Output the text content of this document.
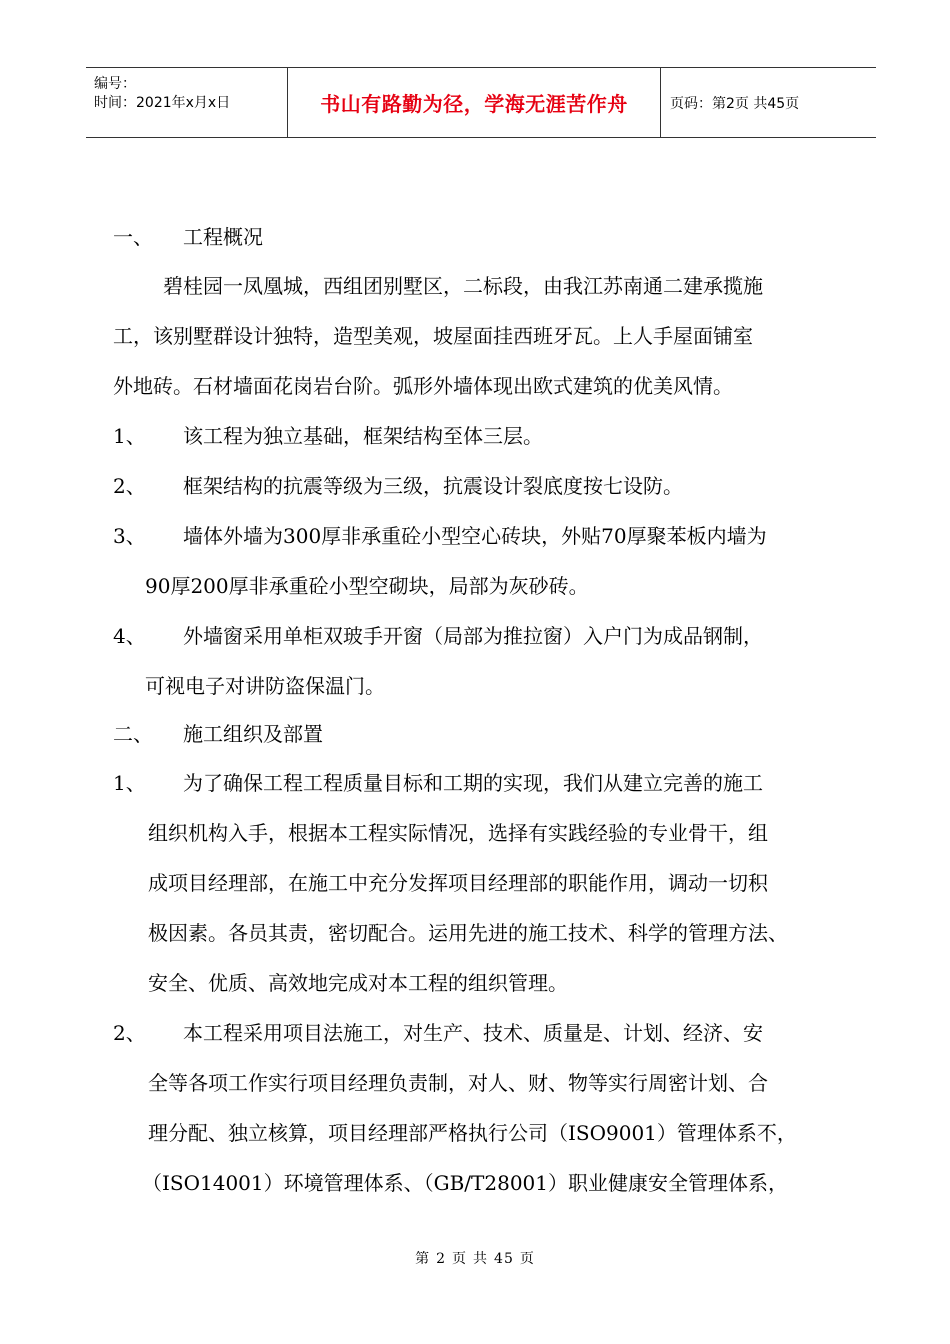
编号：
时间：2021年x月x日	书山有路勤为径，学海无涯苦作舟	页码：第2页 共45页
一、 工程概况
碧桂园一凤凰城，西组团别墅区，二标段，由我江苏南通二建承揽施
工，该别墅群设计独特，造型美观，坡屋面挂西班牙瓦。上人手屋面铺室
外地砖。石材墙面花岗岩台阶。弧形外墙体现出欧式建筑的优美风情。
1、 该工程为独立基础，框架结构至体三层。
2、 框架结构的抗震等级为三级，抗震设计裂底度按七设防。
3、 墙体外墙为300厚非承重砼小型空心砖块，外贴70厚聚苯板内墙为
90厚200厚非承重砼小型空砌块，局部为灰砂砖。
4、 外墙窗采用单柜双玻手开窗（局部为推拉窗）入户门为成品钢制，
可视电子对讲防盗保温门。
二、 施工组织及部置
1、 为了确保工程工程质量目标和工期的实现，我们从建立完善的施工
组织机构入手，根据本工程实际情况，选择有实践经验的专业骨干，组
成项目经理部，在施工中充分发挥项目经理部的职能作用，调动一切积
极因素。各员其责，密切配合。运用先进的施工技术、科学的管理方法、
安全、优质、高效地完成对本工程的组织管理。
2、 本工程采用项目法施工，对生产、技术、质量是、计划、经济、安
全等各项工作实行项目经理负责制，对人、财、物等实行周密计划、合
理分配、独立核算，项目经理部严格执行公司（ISO9001）管理体系不，
（ISO14001）环境管理体系、（GB/T28001）职业健康安全管理体系，
第 2 页 共 45 页
